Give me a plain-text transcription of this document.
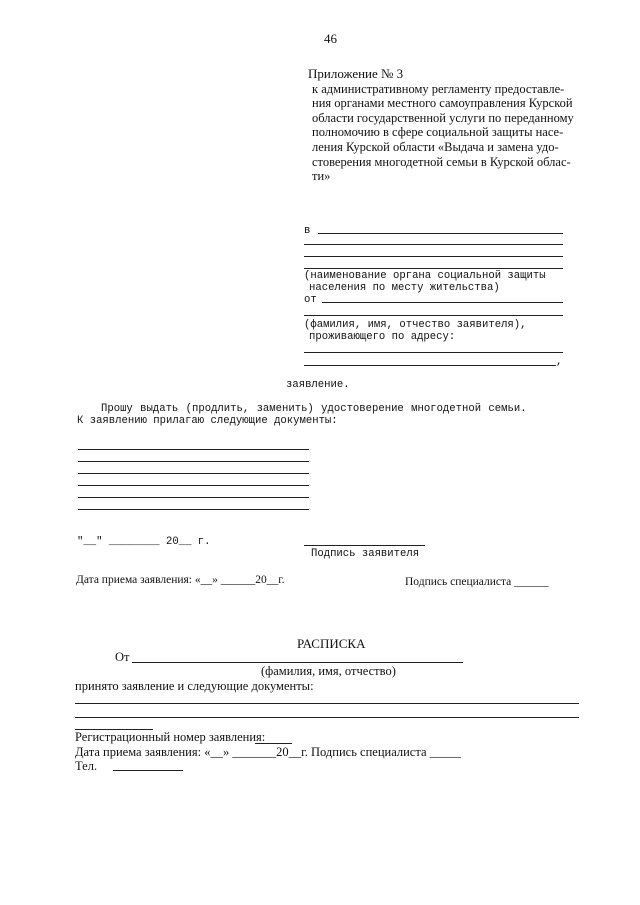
46
Приложение № 3
к административному регламенту предоставле-
ния органами местного самоуправления Курской
области государственной услуги по переданному
полномочию в сфере социальной защиты насе-
ления Курской области «Выдача и замена удо-
стоверения многодетной семьи в Курской облас-
ти»
в
(наименование органа социальной защиты
населения по месту жительства)
от
(фамилия, имя, отчество заявителя),
проживающего по адресу:
,
заявление.
Прошу выдать (продлить, заменить) удостоверение многодетной семьи.
К заявлению прилагаю следующие документы:
"__" ________ 20__ г.
Подпись заявителя
Дата приема заявления: «__» ______20__г.	Подпись специалиста ______
РАСПИСКА
От
(фамилия, имя, отчество)
принято заявление и следующие документы:
Регистрационный номер заявления:
Дата приема заявления: «__» _______20__г. Подпись специалиста _____
Тел.
